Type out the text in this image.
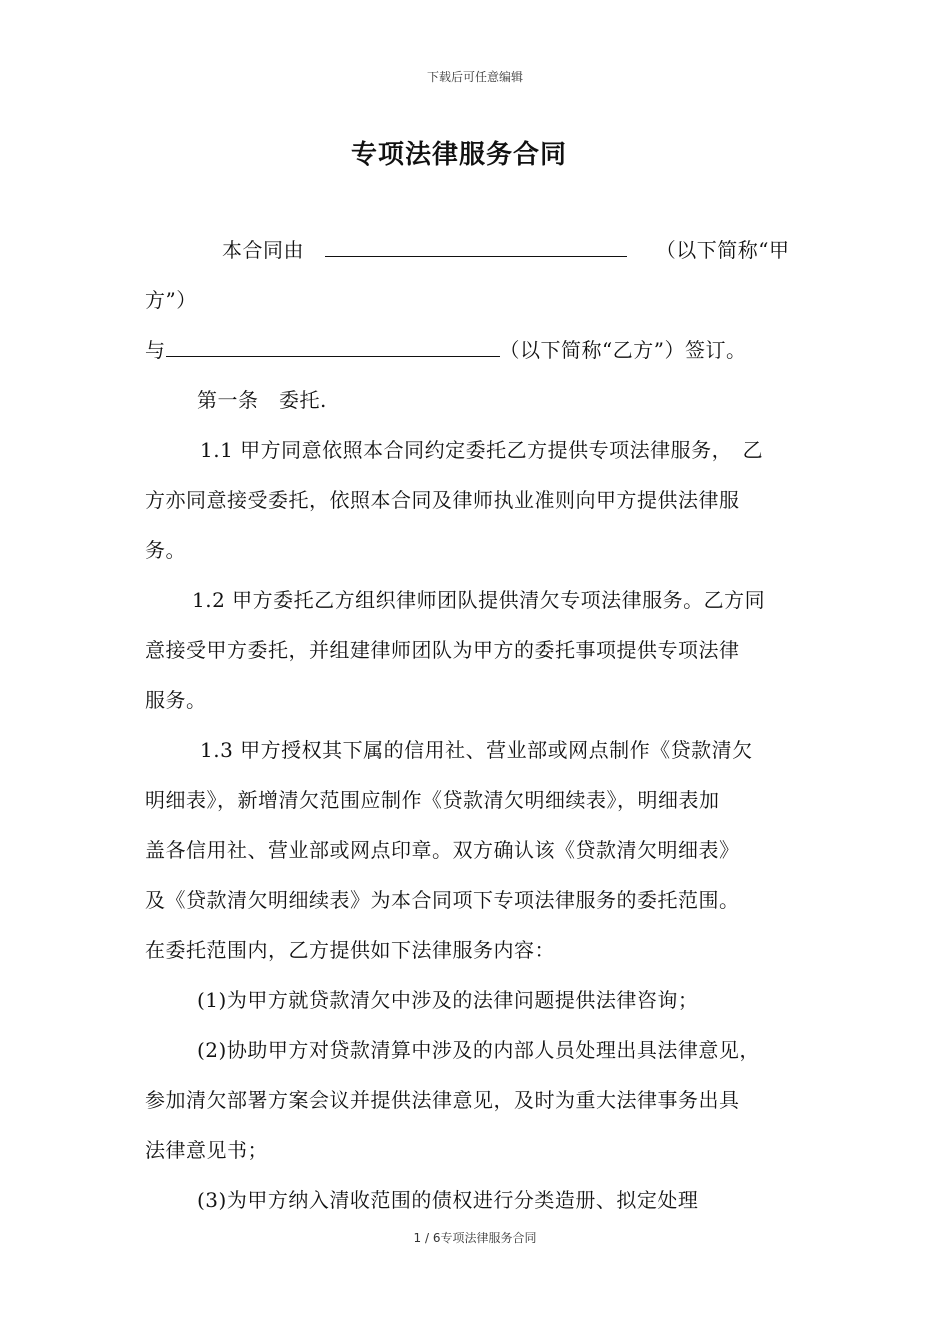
下载后可任意编辑
专项法律服务合同
本合同由	（以下简称“甲
方”）
与	（以下简称“乙方”）签订。
第一条　委托.
1.1 甲方同意依照本合同约定委托乙方提供专项法律服务，　乙
方亦同意接受委托，依照本合同及律师执业准则向甲方提供法律服
务。
1.2 甲方委托乙方组织律师团队提供清欠专项法律服务。乙方同
意接受甲方委托，并组建律师团队为甲方的委托事项提供专项法律
服务。
1.3 甲方授权其下属的信用社、营业部或网点制作《贷款清欠
明细表》，新增清欠范围应制作《贷款清欠明细续表》，明细表加
盖各信用社、营业部或网点印章。双方确认该《贷款清欠明细表》
及《贷款清欠明细续表》为本合同项下专项法律服务的委托范围。
在委托范围内，乙方提供如下法律服务内容：
(1)为甲方就贷款清欠中涉及的法律问题提供法律咨询；
(2)协助甲方对贷款清算中涉及的内部人员处理出具法律意见，
参加清欠部署方案会议并提供法律意见，及时为重大法律事务出具
法律意见书；
(3)为甲方纳入清收范围的债权进行分类造册、拟定处理
1 / 6专项法律服务合同
